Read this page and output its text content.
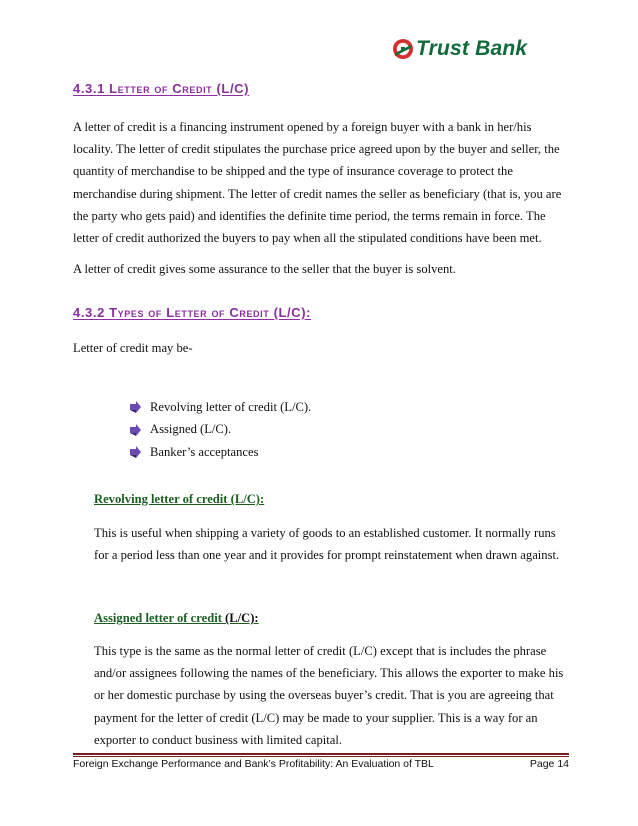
Trust Bank
4.3.1 Letter of Credit (L/C)

A letter of credit is a financing instrument opened by a foreign buyer with a bank in her/his locality. The letter of credit stipulates the purchase price agreed upon by the buyer and seller, the quantity of merchandise to be shipped and the type of insurance coverage to protect the merchandise during shipment. The letter of credit names the seller as beneficiary (that is, you are the party who gets paid) and identifies the definite time period, the terms remain in force. The letter of credit authorized the buyers to pay when all the stipulated conditions have been met.

A letter of credit gives some assurance to the seller that the buyer is solvent.

4.3.2 Types of Letter of Credit (L/C):

Letter of credit may be-

Revolving letter of credit (L/C).
Assigned (L/C).
Banker’s acceptances

Revolving letter of credit (L/C):

This is useful when shipping a variety of goods to an established customer. It normally runs for a period less than one year and it provides for prompt reinstatement when drawn against.

Assigned letter of credit (L/C):

This type is the same as the normal letter of credit (L/C) except that is includes the phrase and/or assignees following the names of the beneficiary. This allows the exporter to make his or her domestic purchase by using the overseas buyer’s credit. That is you are agreeing that payment for the letter of credit (L/C) may be made to your supplier. This is a way for an exporter to conduct business with limited capital.

Foreign Exchange Performance and Bank’s Profitability: An Evaluation of TBL	Page 14
